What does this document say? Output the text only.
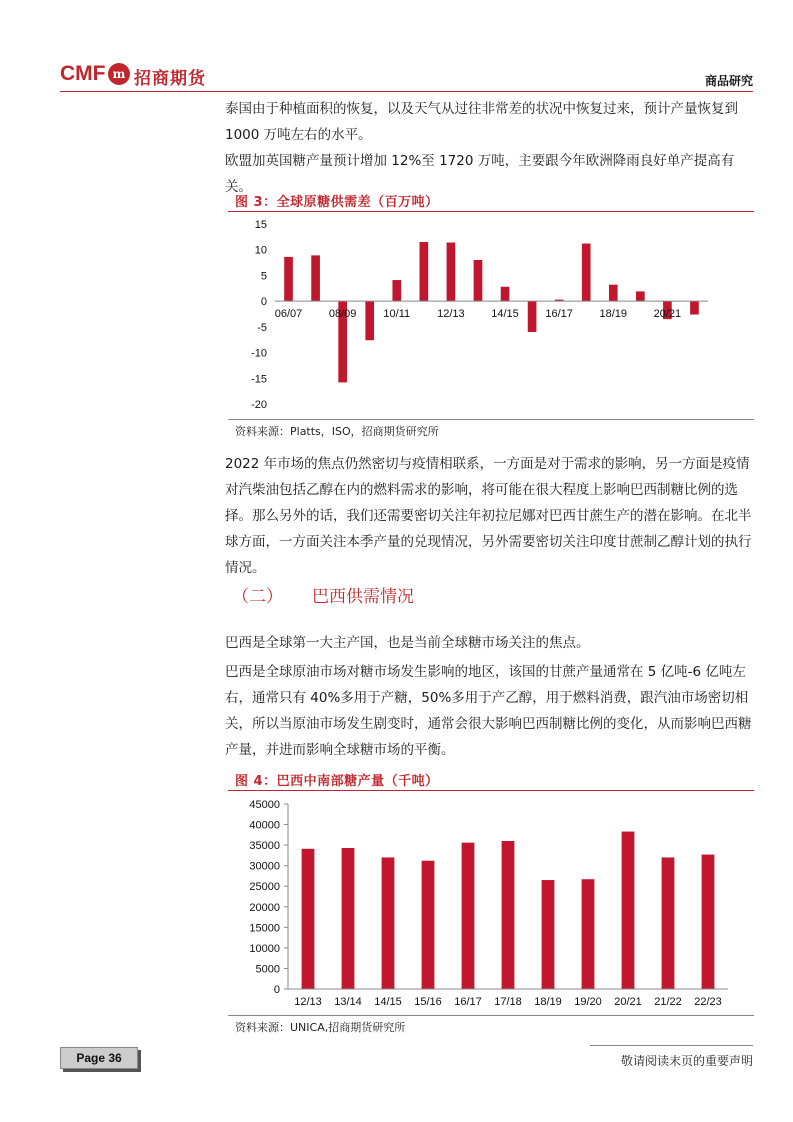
CMF m 招商期货	商品研究

泰国由于种植面积的恢复，以及天气从过往非常差的状况中恢复过来，预计产量恢复到1000 万吨左右的水平。

欧盟加英国糖产量预计增加 12%至 1720 万吨，主要跟今年欧洲降雨良好单产提高有关。

图 3：全球原糖供需差（百万吨）
-20
-15
-10
-5
0
5
10
15
06/07 08/09 10/11 12/13 14/15 16/17 18/19 20/21
资料来源：Platts，ISO，招商期货研究所

2022 年市场的焦点仍然密切与疫情相联系，一方面是对于需求的影响，另一方面是疫情对汽柴油包括乙醇在内的燃料需求的影响，将可能在很大程度上影响巴西制糖比例的选择。那么另外的话，我们还需要密切关注年初拉尼娜对巴西甘蔗生产的潜在影响。在北半球方面，一方面关注本季产量的兑现情况，另外需要密切关注印度甘蔗制乙醇计划的执行情况。

（二） 巴西供需情况

巴西是全球第一大主产国，也是当前全球糖市场关注的焦点。

巴西是全球原油市场对糖市场发生影响的地区，该国的甘蔗产量通常在 5 亿吨-6 亿吨左右，通常只有 40%多用于产糖，50%多用于产乙醇，用于燃料消费，跟汽油市场密切相关，所以当原油市场发生剧变时，通常会很大影响巴西制糖比例的变化，从而影响巴西糖产量，并进而影响全球糖市场的平衡。

图 4：巴西中南部糖产量（千吨）
0
5000
10000
15000
20000
25000
30000
35000
40000
45000
12/13 13/14 14/15 15/16 16/17 17/18 18/19 19/20 20/21 21/22 22/23
资料来源：UNICA,招商期货研究所
Page 36	敬请阅读末页的重要声明
